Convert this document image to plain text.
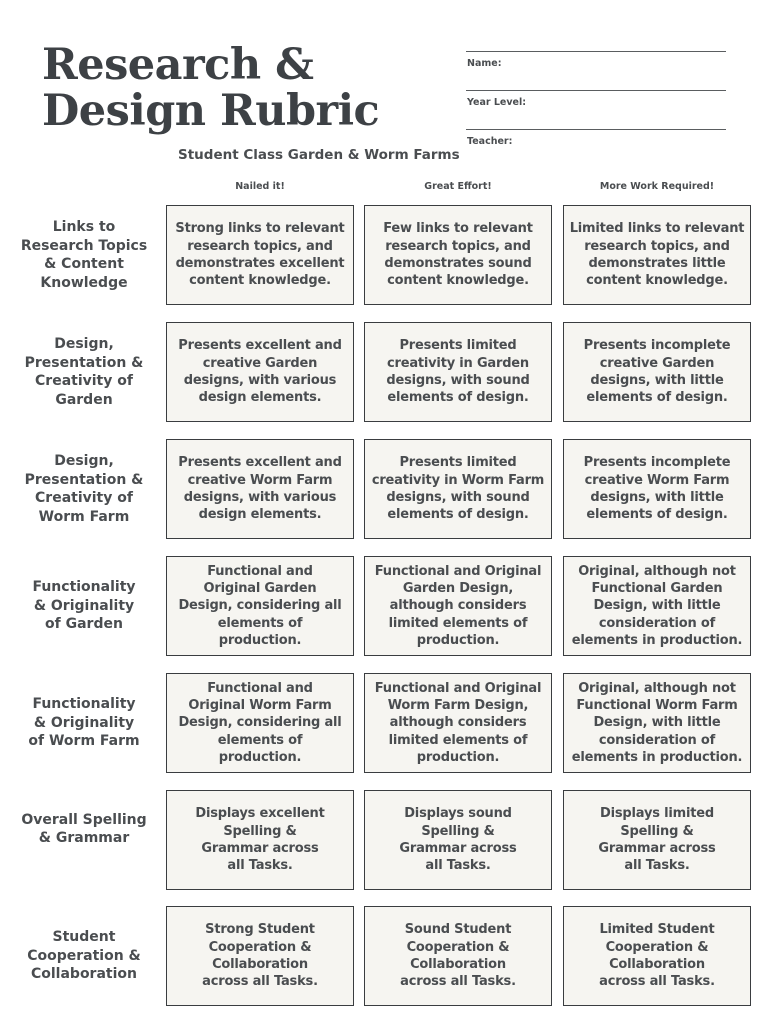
Research &
Design Rubric
Student Class Garden & Worm Farms
Name:
Year Level:
Teacher:
Nailed it!	Great Effort!	More Work Required!
Links to
Research Topics
& Content
Knowledge
Strong links to relevant
research topics, and
demonstrates excellent
content knowledge.
Few links to relevant
research topics, and
demonstrates sound
content knowledge.
Limited links to relevant
research topics, and
demonstrates little
content knowledge.
Design,
Presentation &
Creativity of
Garden
Presents excellent and
creative Garden
designs, with various
design elements.
Presents limited
creativity in Garden
designs, with sound
elements of design.
Presents incomplete
creative Garden
designs, with little
elements of design.
Design,
Presentation &
Creativity of
Worm Farm
Presents excellent and
creative Worm Farm
designs, with various
design elements.
Presents limited
creativity in Worm Farm
designs, with sound
elements of design.
Presents incomplete
creative Worm Farm
designs, with little
elements of design.
Functionality
& Originality
of Garden
Functional and
Original Garden
Design, considering all
elements of
production.
Functional and Original
Garden Design,
although considers
limited elements of
production.
Original, although not
Functional Garden
Design, with little
consideration of
elements in production.
Functionality
& Originality
of Worm Farm
Functional and
Original Worm Farm
Design, considering all
elements of
production.
Functional and Original
Worm Farm Design,
although considers
limited elements of
production.
Original, although not
Functional Worm Farm
Design, with little
consideration of
elements in production.
Overall Spelling
& Grammar
Displays excellent
Spelling &
Grammar across
all Tasks.
Displays sound
Spelling &
Grammar across
all Tasks.
Displays limited
Spelling &
Grammar across
all Tasks.
Student
Cooperation &
Collaboration
Strong Student
Cooperation &
Collaboration
across all Tasks.
Sound Student
Cooperation &
Collaboration
across all Tasks.
Limited Student
Cooperation &
Collaboration
across all Tasks.
